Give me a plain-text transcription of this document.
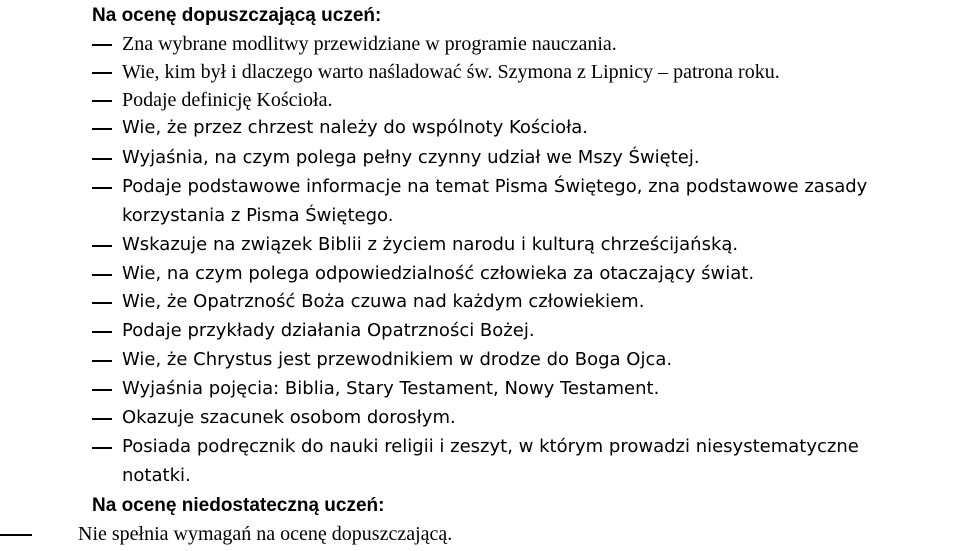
Na ocenę dopuszczającą uczeń:
Zna wybrane modlitwy przewidziane w programie nauczania.
Wie, kim był i dlaczego warto naśladować św. Szymona z Lipnicy – patrona roku.
Podaje definicję Kościoła.
Wie, że przez chrzest należy do wspólnoty Kościoła.
Wyjaśnia, na czym polega pełny czynny udział we Mszy Świętej.
Podaje podstawowe informacje na temat Pisma Świętego, zna podstawowe zasady
korzystania z Pisma Świętego.
Wskazuje na związek Biblii z życiem narodu i kulturą chrześcijańską.
Wie, na czym polega odpowiedzialność człowieka za otaczający świat.
Wie, że Opatrzność Boża czuwa nad każdym człowiekiem.
Podaje przykłady działania Opatrzności Bożej.
Wie, że Chrystus jest przewodnikiem w drodze do Boga Ojca.
Wyjaśnia pojęcia: Biblia, Stary Testament, Nowy Testament.
Okazuje szacunek osobom dorosłym.
Posiada podręcznik do nauki religii i zeszyt, w którym prowadzi niesystematyczne
notatki.
Na ocenę niedostateczną uczeń:
Nie spełnia wymagań na ocenę dopuszczającą.
